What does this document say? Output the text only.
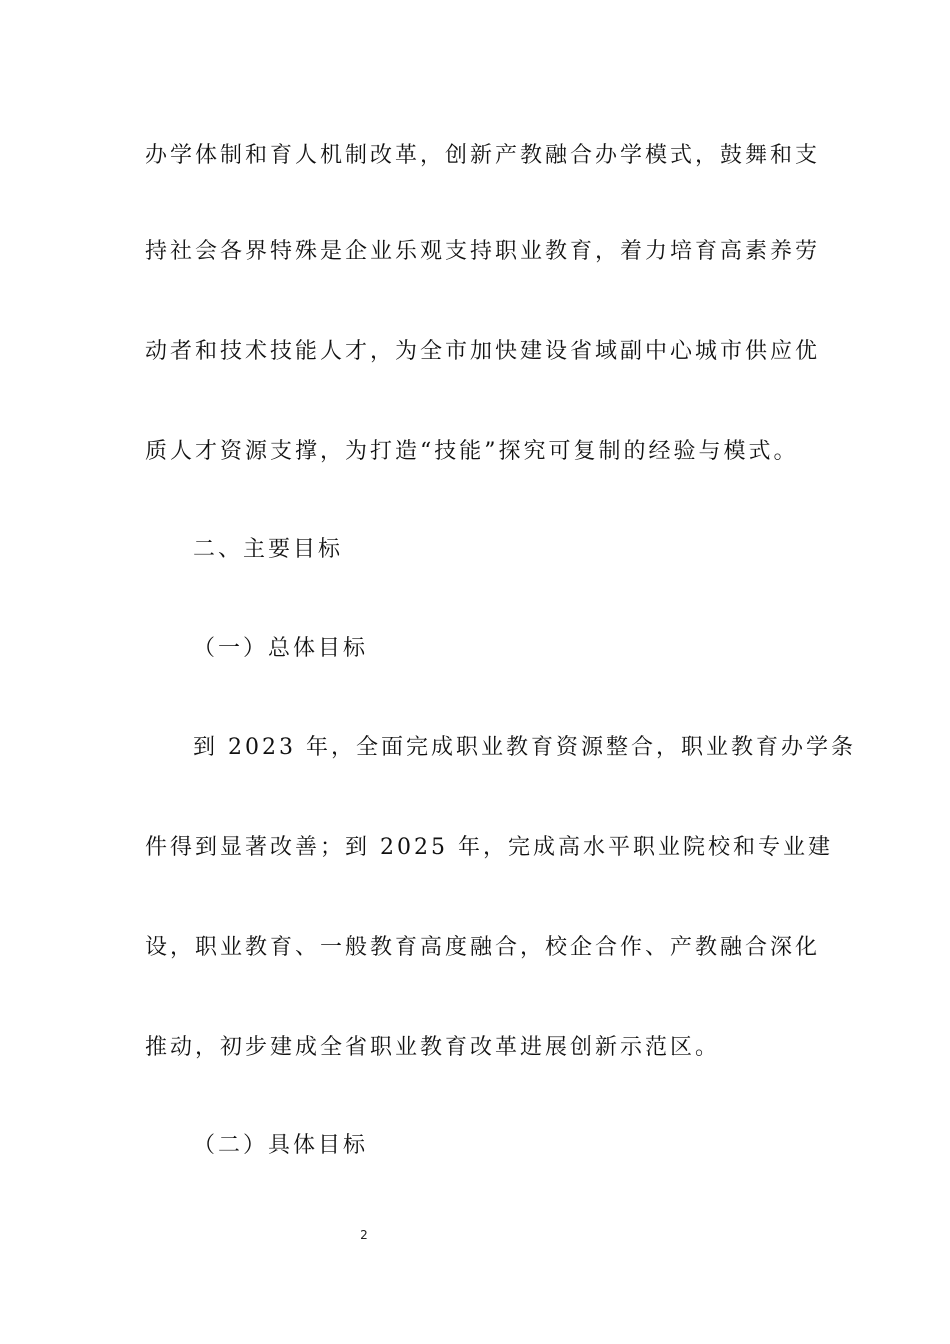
办学体制和育人机制改革，创新产教融合办学模式，鼓舞和支
持社会各界特殊是企业乐观支持职业教育，着力培育高素养劳
动者和技术技能人才，为全市加快建设省域副中心城市供应优
质人才资源支撑，为打造“技能”探究可复制的经验与模式。
二、主要目标
（一）总体目标
到 2023 年，全面完成职业教育资源整合，职业教育办学条
件得到显著改善；到 2025 年，完成高水平职业院校和专业建
设，职业教育、一般教育高度融合，校企合作、产教融合深化
推动，初步建成全省职业教育改革进展创新示范区。
（二）具体目标
2
